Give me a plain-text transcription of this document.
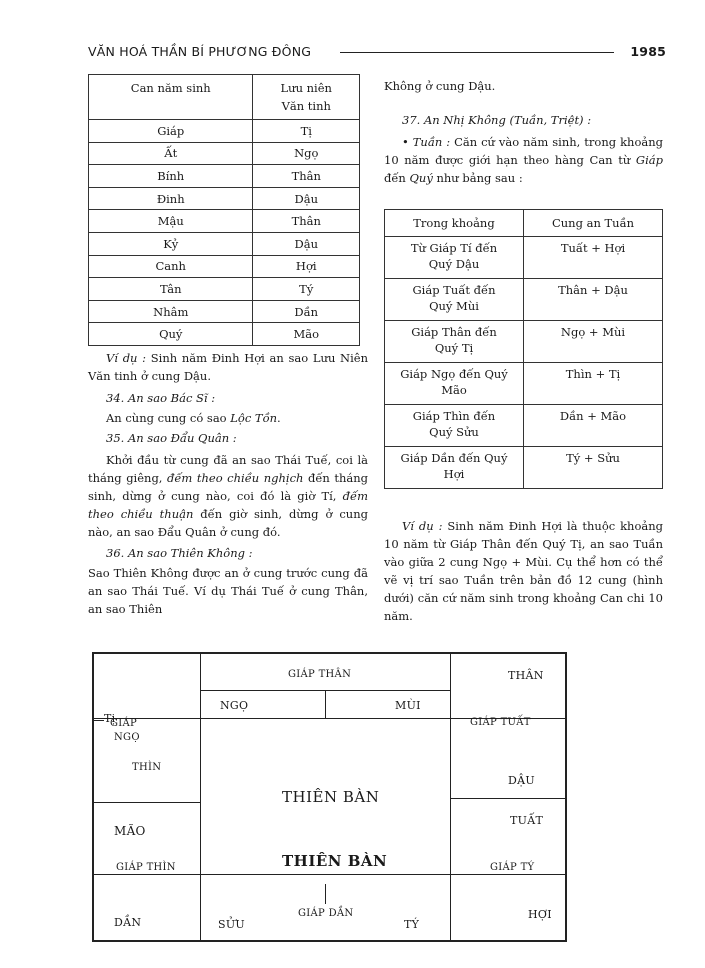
VĂN HOÁ THẦN BÍ PHƯƠNG ĐÔNG	1985
Can năm sinh	Lưu niên
Văn tinh
Giáp	Tị
Ất	Ngọ
Bính	Thân
Đinh	Dậu
Mậu	Thân
Kỷ	Dậu
Canh	Hợi
Tân	Tý
Nhâm	Dần
Quý	Mão

Ví dụ : Sinh năm Đinh Hợi an sao Lưu Niên Văn tinh ở cung Dậu.

34. An sao Bác Sĩ :

An cùng cung có sao Lộc Tồn.

35. An sao Đẩu Quân :

Khởi đầu từ cung đã an sao Thái Tuế, coi là tháng giêng, đếm theo chiều nghịch đến tháng sinh, dừng ở cung nào, coi đó là giờ Tí, đếm theo chiều thuận đến giờ sinh, dừng ở cung nào, an sao Đẩu Quân ở cung đó.

36. An sao Thiên Không :

Sao Thiên Không được an ở cung trước cung đã an sao Thái Tuế. Ví dụ Thái Tuế ở cung Thân, an sao Thiên

Không ở cung Dậu.

37. An Nhị Không (Tuần, Triệt) :

• Tuần : Căn cứ vào năm sinh, trong khoảng 10 năm được giới hạn theo hàng Can từ Giáp đến Quý như bảng sau :

Trong khoảng	Cung an Tuần
Từ Giáp Tí đến
Quý Dậu	Tuất + Hợi
Giáp Tuất đến
Quý Mùi	Thân + Dậu
Giáp Thân đến
Quý Tị	Ngọ + Mùi
Giáp Ngọ đến Quý
Mão	Thìn + Tị
Giáp Thìn đến
Quý Sửu	Dần + Mão
Giáp Dần đến Quý
Hợi	Tý + Sửu

Ví dụ : Sinh năm Đinh Hợi là thuộc khoảng 10 năm từ Giáp Thân đến Quý Tị, an sao Tuần vào giữa 2 cung Ngọ + Mùi. Cụ thể hơn có thể vẽ vị trí sao Tuần trên bản đồ 12 cung (hình dưới) căn cứ năm sinh trong khoảng Can chi 10 năm.

GIÁP THÂN
NGỌ	MÙI
THÂN
Tị
GIÁP
NGỌ
GIÁP TUẤT
THÌN
DẬU
THIÊN BÀN
MÃO
TUẤT
GIÁP THÌN	THIÊN BÀN	GIÁP TÝ
DẦN	SỬU
GIÁP DẦN
TÝ
HỢI
